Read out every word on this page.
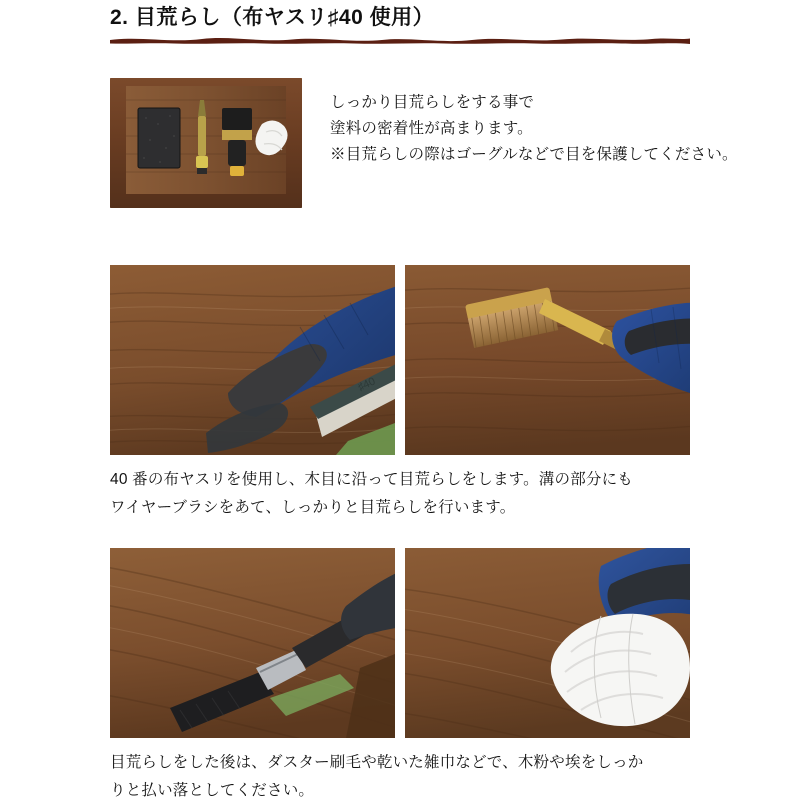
2. 目荒らし（布ヤスリ♯40 使用）
しっかり目荒らしをする事で
塗料の密着性が高まります。
※目荒らしの際はゴーグルなどで目を保護してください。
♯40
40 番の布ヤスリを使用し、木目に沿って目荒らしをします。溝の部分にも
ワイヤーブラシをあて、しっかりと目荒らしを行います。
目荒らしをした後は、ダスター刷毛や乾いた雑巾などで、木粉や埃をしっか
りと払い落としてください。
